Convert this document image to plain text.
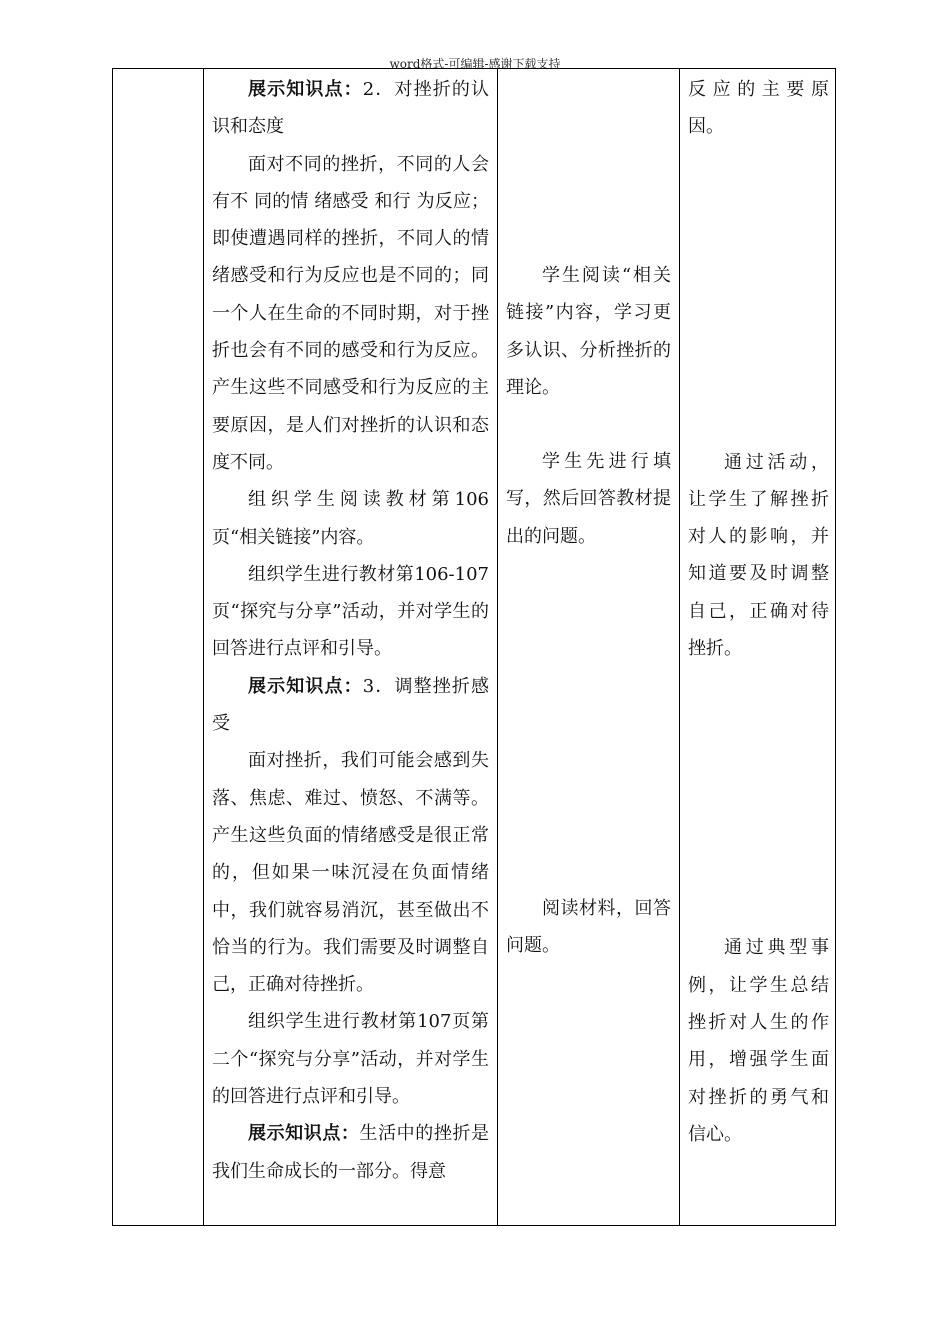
word格式-可编辑-感谢下载支持

展示知识点：2．对挫折的认识和态度

面对不同的挫折，不同的人会有不 同的情 绪感受 和行 为反应；即使遭遇同样的挫折，不同人的情绪感受和行为反应也是不同的；同一个人在生命的不同时期，对于挫折也会有不同的感受和行为反应。产生这些不同感受和行为反应的主要原因，是人们对挫折的认识和态度不同。

组织学生阅读教材第106页“相关链接”内容。

组织学生进行教材第106-107页“探究与分享”活动，并对学生的回答进行点评和引导。

展示知识点：3．调整挫折感受

面对挫折，我们可能会感到失落、焦虑、难过、愤怒、不满等。产生这些负面的情绪感受是很正常的，但如果一味沉浸在负面情绪中，我们就容易消沉，甚至做出不恰当的行为。我们需要及时调整自己，正确对待挫折。

组织学生进行教材第107页第二个“探究与分享”活动，并对学生的回答进行点评和引导。

展示知识点：生活中的挫折是我们生命成长的一部分。得意

学生阅读“相关链接”内容，学习更多认识、分析挫折的理论。

学生先进行填写，然后回答教材提出的问题。

阅读材料，回答问题。

反应的主要原因。

通过活动，让学生了解挫折对人的影响，并知道要及时调整自己，正确对待挫折。

通过典型事例，让学生总结挫折对人生的作用，增强学生面对挫折的勇气和信心。
